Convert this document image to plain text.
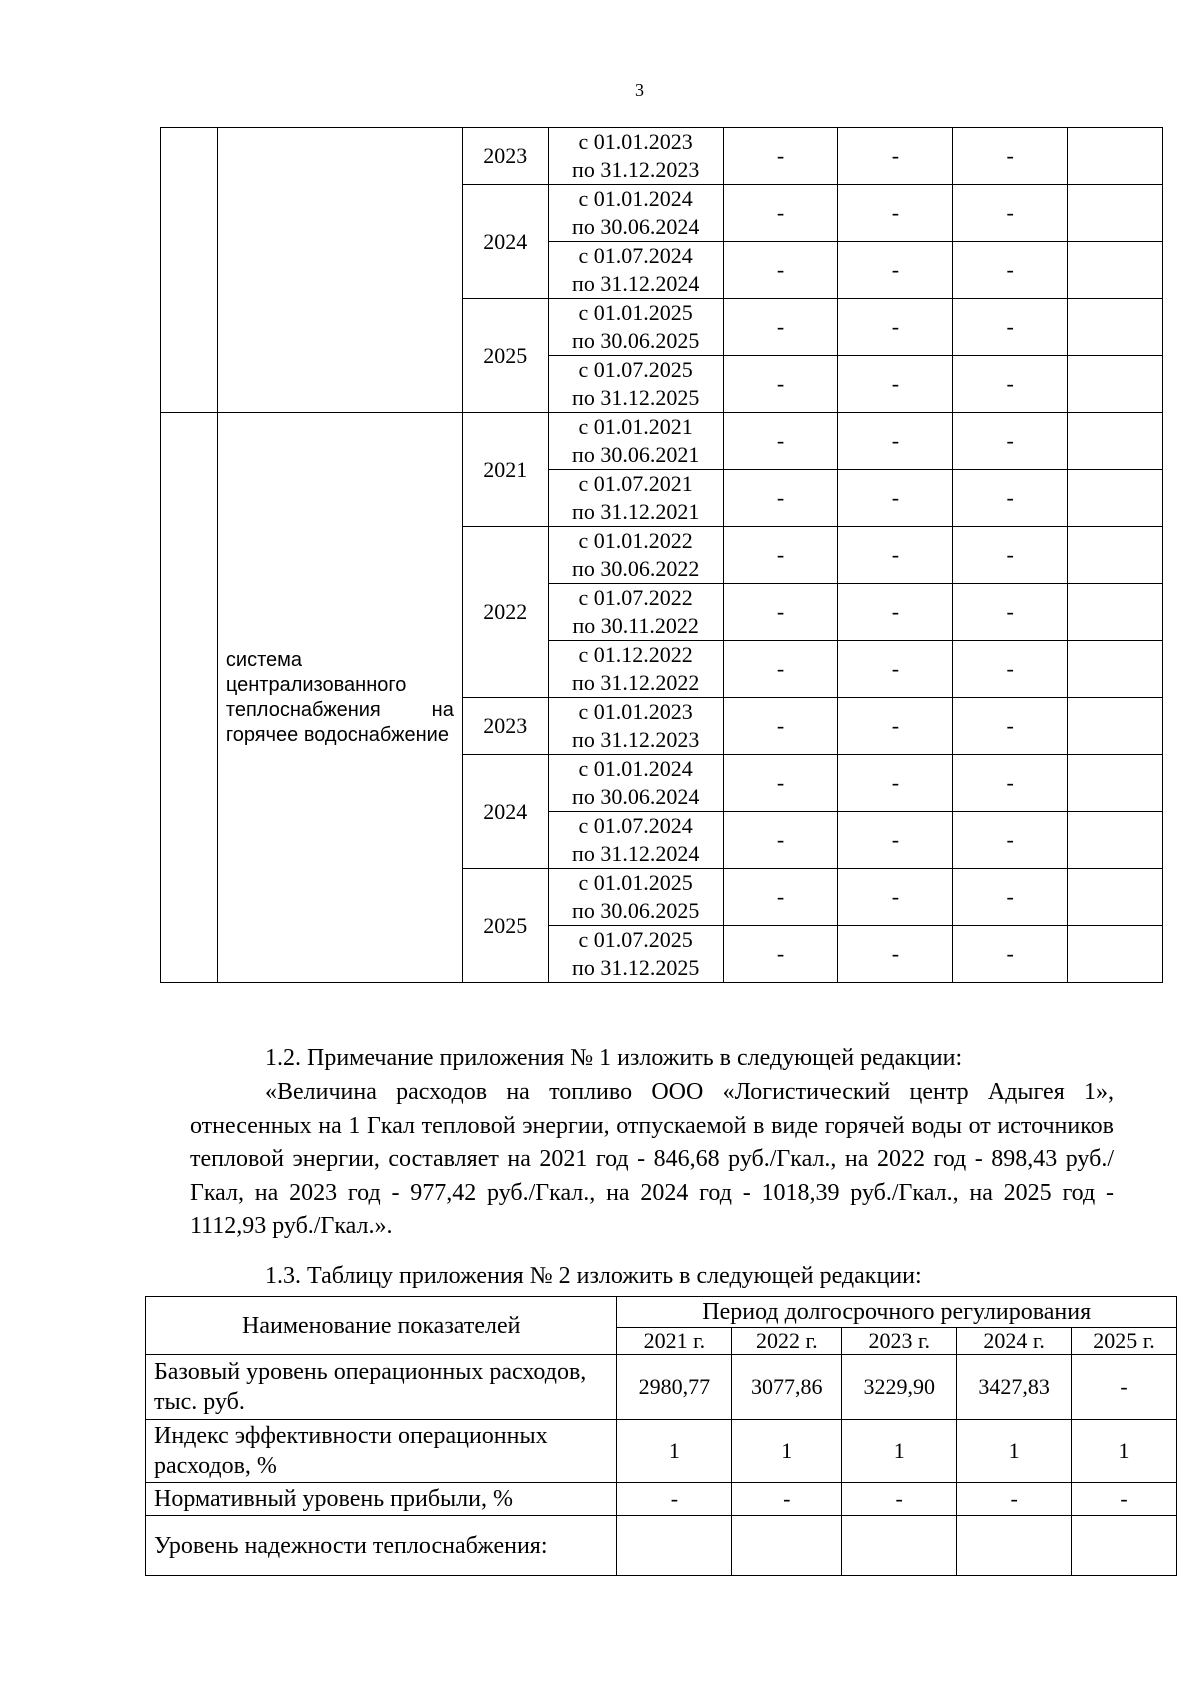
3
		2023	с 01.01.2023
по 31.12.2023	-	-	-	
		2024	с 01.01.2024
по 30.06.2024	-	-	-	

			с 01.07.2024
по 31.12.2024	-	-	-	
		2025	с 01.01.2025
по 30.06.2025	-	-	-	

			с 01.07.2025
по 31.12.2025	-	-	-	
	система централизованного теплоснабжения на горячее водоснабжение	2021	с 01.01.2021
по 30.06.2021	-	-	-	

			с 01.07.2021
по 31.12.2021	-	-	-	
		2022	с 01.01.2022
по 30.06.2022	-	-	-	

			с 01.07.2022
по 30.11.2022	-	-	-	

			с 01.12.2022
по 31.12.2022	-	-	-	
		2023	с 01.01.2023
по 31.12.2023	-	-	-	
		2024	с 01.01.2024
по 30.06.2024	-	-	-	

			с 01.07.2024
по 31.12.2024	-	-	-	
		2025	с 01.01.2025
по 30.06.2025	-	-	-	

			с 01.07.2025
по 31.12.2025	-	-	-	

1.2. Примечание приложения № 1 изложить в следующей редакции:

«Величина расходов на топливо ООО «Логистический центр Адыгея 1», отнесенных на 1 Гкал тепловой энергии, отпускаемой в виде горячей воды от источников тепловой энергии, составляет на 2021 год - 846,68 руб./Гкал., на 2022 год - 898,43 руб./Гкал, на 2023 год - 977,42 руб./Гкал., на 2024 год - 1018,39 руб./Гкал., на 2025 год - 1112,93 руб./Гкал.».

1.3. Таблицу приложения № 2 изложить в следующей редакции:

Наименование показателей	Период долгосрочного регулирования				
	2021 г.	2022 г.	2023 г.	2024 г.	2025 г.
Базовый уровень операционных расходов, тыс. руб.	2980,77	3077,86	3229,90	3427,83	-
Индекс эффективности операционных расходов, %	1	1	1	1	1
Нормативный уровень прибыли, %	-	-	-	-	-
Уровень надежности теплоснабжения:					
